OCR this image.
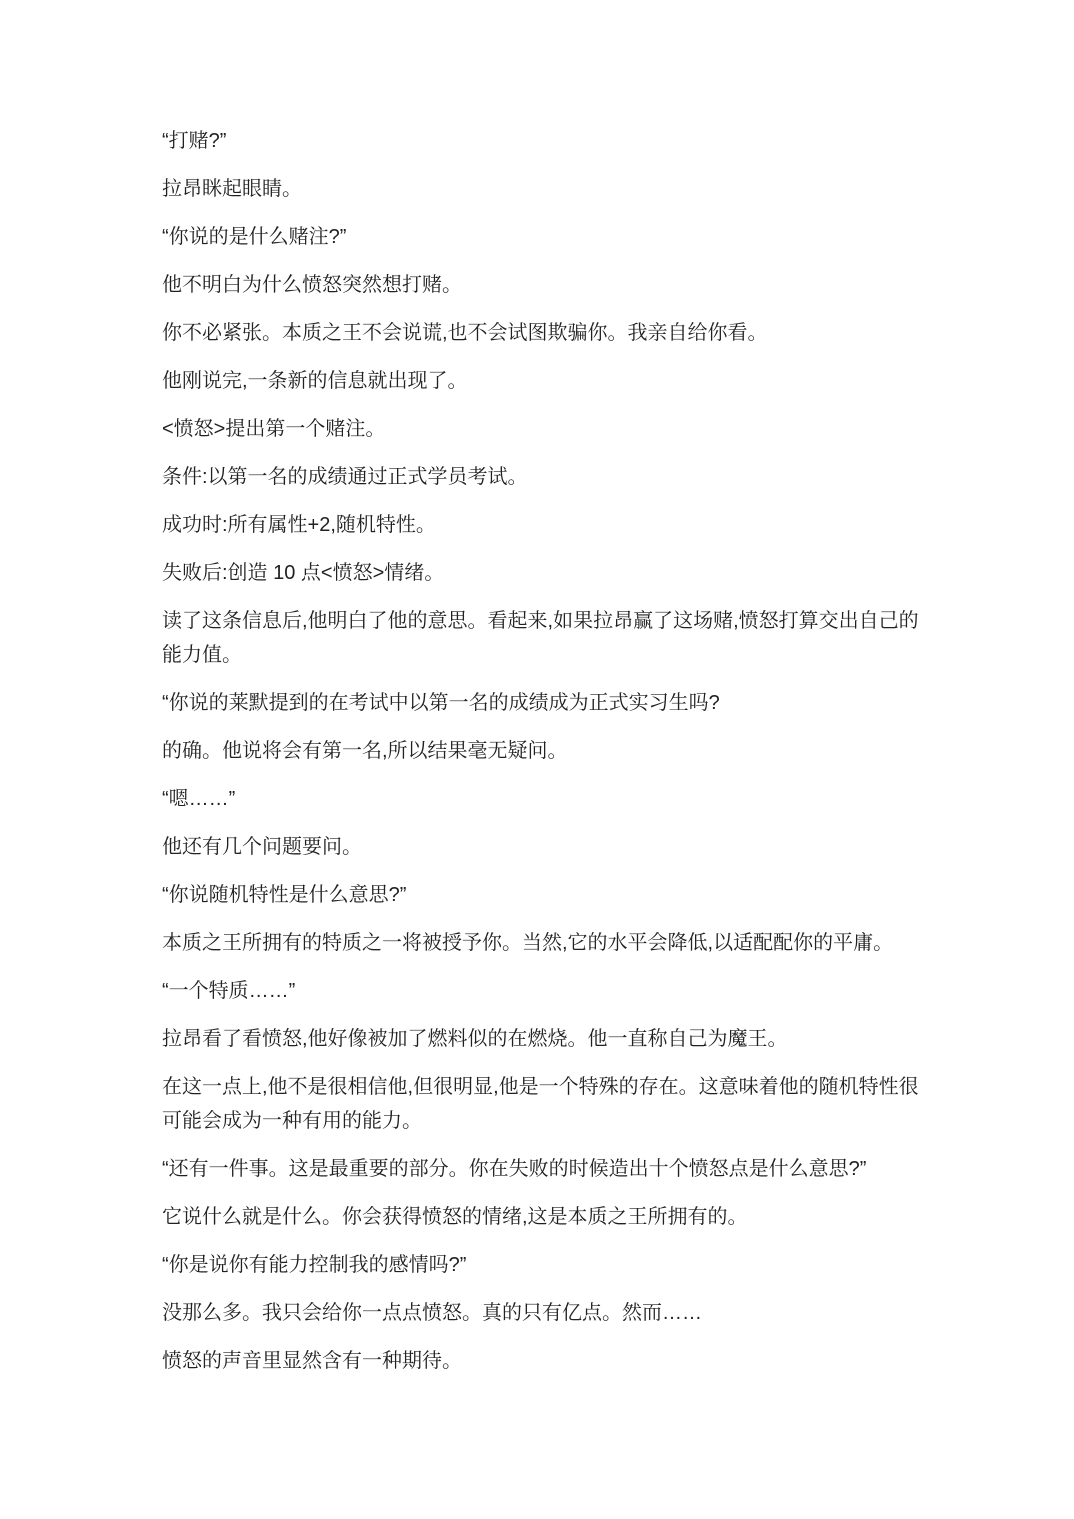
“打赌?”

拉昂眯起眼睛。

“你说的是什么赌注?”

他不明白为什么愤怒突然想打赌。

你不必紧张。本质之王不会说谎,也不会试图欺骗你。我亲自给你看。

他刚说完,一条新的信息就出现了。

<愤怒>提出第一个赌注。

条件:以第一名的成绩通过正式学员考试。

成功时:所有属性+2,随机特性。

失败后:创造 10 点<愤怒>情绪。

读了这条信息后,他明白了他的意思。看起来,如果拉昂赢了这场赌,愤怒打算交出自己的能力值。

“你说的莱默提到的在考试中以第一名的成绩成为正式实习生吗?

的确。他说将会有第一名,所以结果毫无疑问。

“嗯……”

他还有几个问题要问。

“你说随机特性是什么意思?”

本质之王所拥有的特质之一将被授予你。当然,它的水平会降低,以适配配你的平庸。

“一个特质……”

拉昂看了看愤怒,他好像被加了燃料似的在燃烧。他一直称自己为魔王。

在这一点上,他不是很相信他,但很明显,他是一个特殊的存在。这意味着他的随机特性很可能会成为一种有用的能力。

“还有一件事。这是最重要的部分。你在失败的时候造出十个愤怒点是什么意思?”

它说什么就是什么。你会获得愤怒的情绪,这是本质之王所拥有的。

“你是说你有能力控制我的感情吗?”

没那么多。我只会给你一点点愤怒。真的只有亿点。然而……

愤怒的声音里显然含有一种期待。
